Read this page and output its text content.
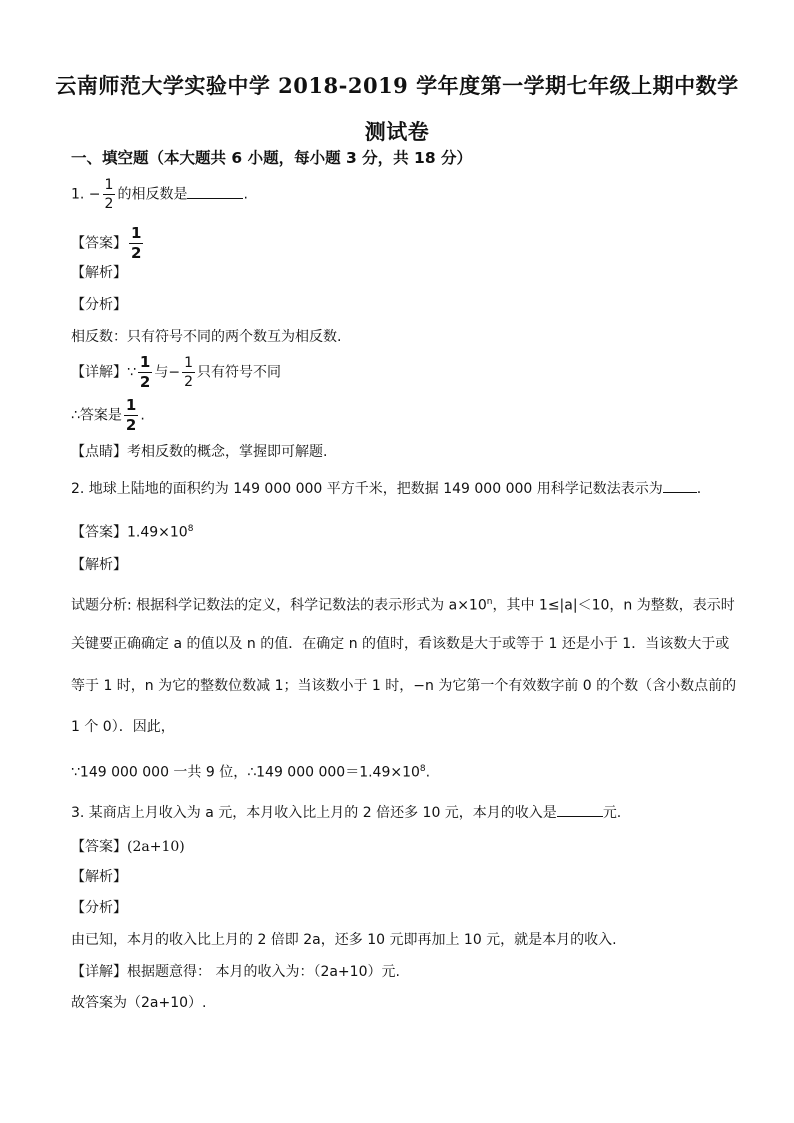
云南师范大学实验中学 2018-2019 学年度第一学期七年级上期中数学
测试卷
一、填空题（本大题共 6 小题，每小题 3 分，共 18 分）
1. − $\frac{1}{2}$ 的相反数是	.
【答案】 $\frac{1}{2}$
【解析】
【分析】
相反数：只有符号不同的两个数互为相反数.
【详解】∵ $\frac{1}{2}$ 与− $\frac{1}{2}$ 只有符号不同
∴答案是 $\frac{1}{2}$ .
【点睛】考相反数的概念，掌握即可解题.
2. 地球上陆地的面积约为 149 000 000 平方千米，把数据 149 000 000 用科学记数法表示为 .
【答案】$1.49\times 10^8$
【解析】
试题分析: 根据科学记数法的定义，科学记数法的表示形式为 $a\times 10^n$，其中 1≤|a|＜10，n 为整数，表示时
关键要正确确定 a 的值以及 n 的值．在确定 n 的值时，看该数是大于或等于 1 还是小于 1．当该数大于或
等于 1 时，n 为它的整数位数减 1；当该数小于 1 时，−n 为它第一个有效数字前 0 的个数（含小数点前的
1 个 0）．因此，
∵149 000 000 一共 9 位，∴149 000 $000=1.49\times 10^8$.
3. 某商店上月收入为 a 元，本月收入比上月的 2 倍还多 10 元，本月的收入是	元.
【答案】(2a+10)
【解析】
【分析】
由已知，本月的收入比上月的 2 倍即 2a，还多 10 元即再加上 10 元，就是本月的收入.
【详解】根据题意得： 本月的收入为：（2a+10）元.
故答案为（2a+10）.
